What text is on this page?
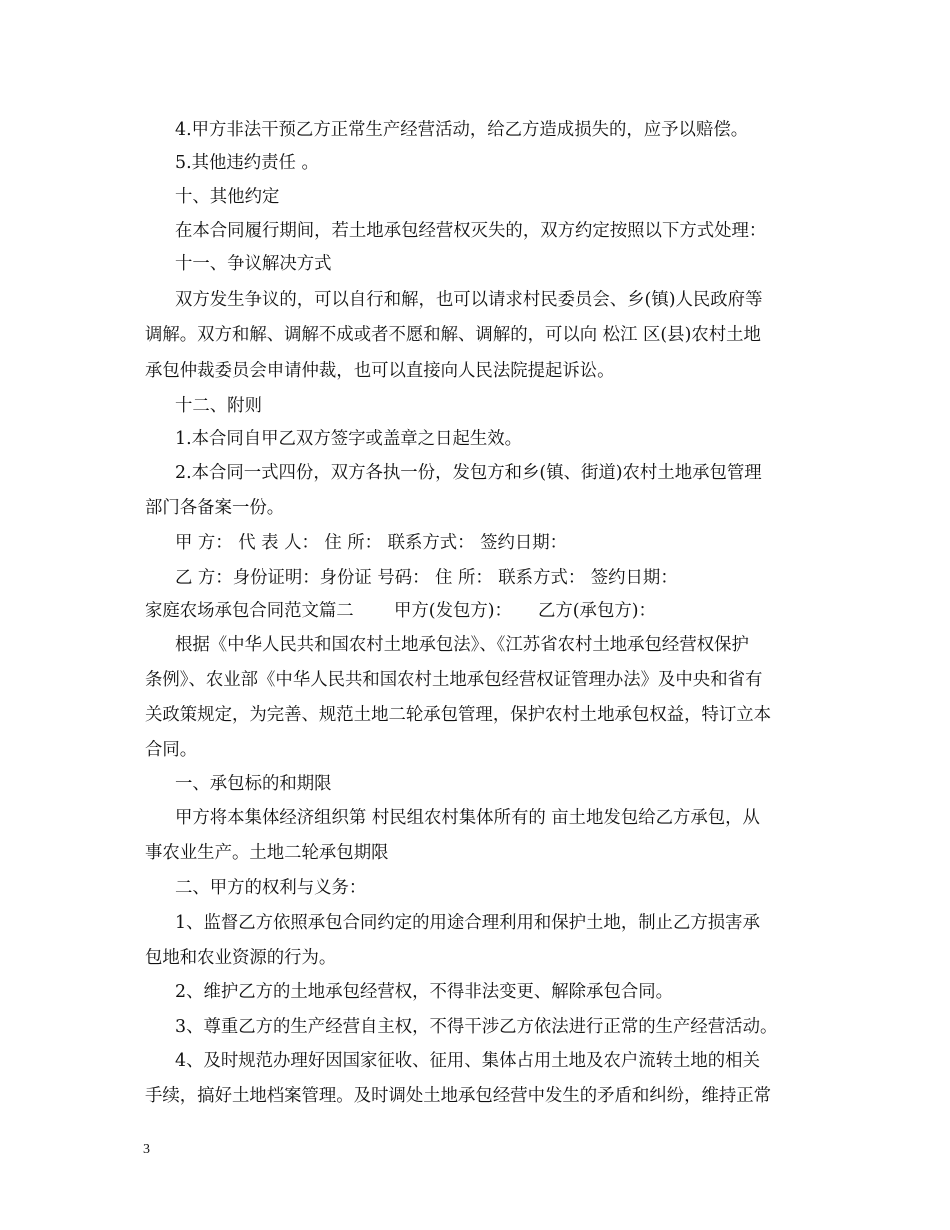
4.甲方非法干预乙方正常生产经营活动，给乙方造成损失的，应予以赔偿。
5.其他违约责任 。
十、其他约定
在本合同履行期间，若土地承包经营权灭失的，双方约定按照以下方式处理：
十一、争议解决方式
双方发生争议的，可以自行和解，也可以请求村民委员会、乡(镇)人民政府等
调解。双方和解、调解不成或者不愿和解、调解的，可以向 松江 区(县)农村土地
承包仲裁委员会申请仲裁，也可以直接向人民法院提起诉讼。
十二、附则
1.本合同自甲乙双方签字或盖章之日起生效。
2.本合同一式四份，双方各执一份，发包方和乡(镇、街道)农村土地承包管理
部门各备案一份。
甲 方： 代 表 人： 住 所： 联系方式： 签约日期：
乙 方：身份证明：身份证 号码： 住 所： 联系方式： 签约日期：
家庭农场承包合同范文篇二　　 甲方(发包方)：　　乙方(承包方)：
根据《中华人民共和国农村土地承包法》、《江苏省农村土地承包经营权保护
条例》、农业部《中华人民共和国农村土地承包经营权证管理办法》及中央和省有
关政策规定，为完善、规范土地二轮承包管理，保护农村土地承包权益，特订立本
合同。
一、承包标的和期限
甲方将本集体经济组织第 村民组农村集体所有的 亩土地发包给乙方承包，从
事农业生产。土地二轮承包期限
二、甲方的权利与义务：
1、监督乙方依照承包合同约定的用途合理利用和保护土地，制止乙方损害承
包地和农业资源的行为。
2、维护乙方的土地承包经营权，不得非法变更、解除承包合同。
3、尊重乙方的生产经营自主权，不得干涉乙方依法进行正常的生产经营活动。
4、及时规范办理好因国家征收、征用、集体占用土地及农户流转土地的相关
手续，搞好土地档案管理。及时调处土地承包经营中发生的矛盾和纠纷，维持正常
3
